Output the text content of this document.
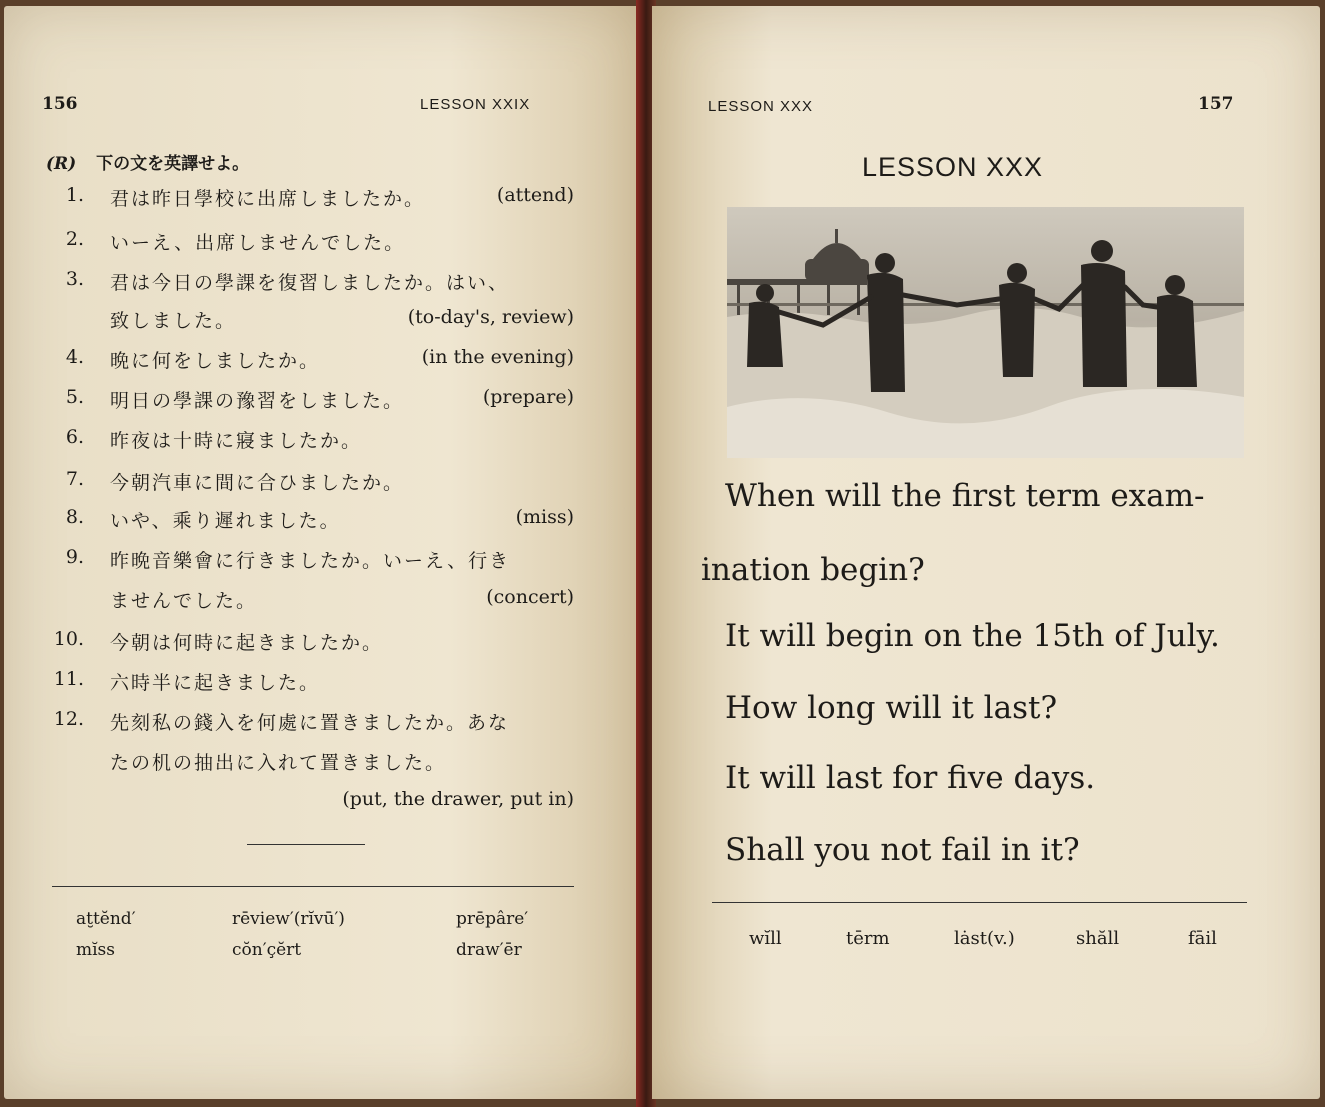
156	LESSON XXIX
(R) 下の文を英譯せよ。
1. 君は昨日學校に出席しましたか。	(attend)
2. いーえ、出席しませんでした。
3. 君は今日の學課を復習しましたか。はい、
致しました。	(to-day's, review)
4. 晩に何をしましたか。	(in the evening)
5. 明日の學課の豫習をしました。	(prepare)
6. 昨夜は十時に寢ましたか。
7. 今朝汽車に間に合ひましたか。
8. いや、乘り遲れました。	(miss)
9. 昨晩音樂會に行きましたか。いーえ、行き
ませんでした。	(concert)
10. 今朝は何時に起きましたか。
11. 六時半に起きました。
12. 先刻私の錢入を何處に置きましたか。あな
たの机の抽出に入れて置きました。
(put, the drawer, put in)
at̮tĕnd′	rēview′(rĭvū′)	prēpâre′
mĭss	cŏn′çĕrt	draw′ēr
LESSON XXX	157
LESSON XXX
When will the first term exam-
ination begin?
It will begin on the 15th of July.
How long will it last?
It will last for five days.
Shall you not fail in it?
wĭll	tērm	lȧst(v.)	shăll	fāil
